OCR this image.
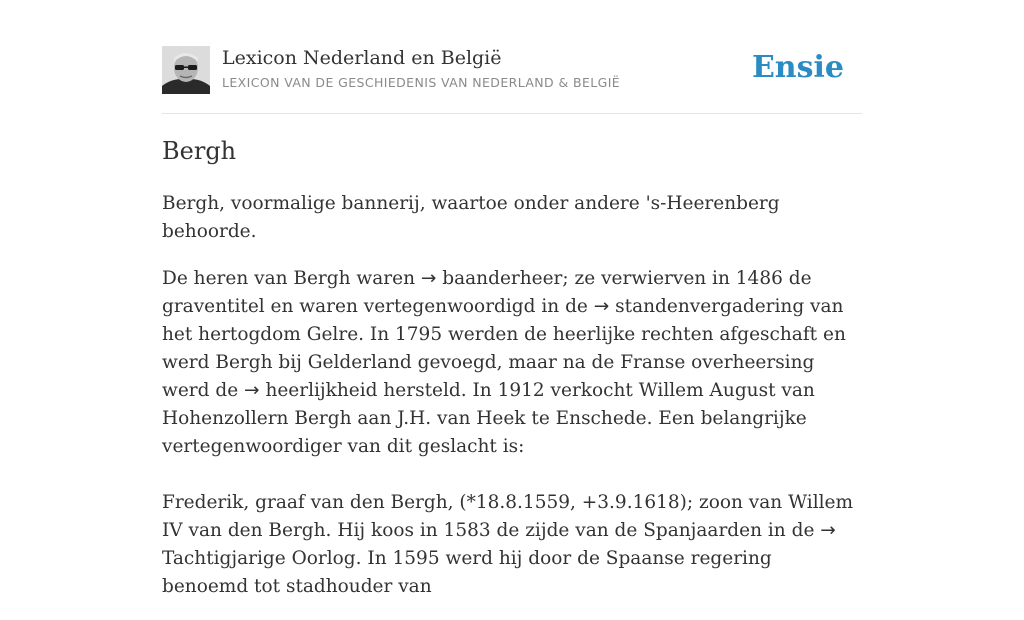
Lexicon Nederland en België
LEXICON VAN DE GESCHIEDENIS VAN NEDERLAND & BELGIË	Ensie
Bergh

Bergh, voormalige bannerij, waartoe onder andere 's-Heerenberg behoorde.

De heren van Bergh waren → baanderheer; ze verwierven in 1486 de graventitel en waren vertegenwoordigd in de → standenvergadering van het hertogdom Gelre. In 1795 werden de heerlijke rechten afgeschaft en werd Bergh bij Gelderland gevoegd, maar na de Franse overheersing werd de → heerlijkheid hersteld. In 1912 verkocht Willem August van Hohenzollern Bergh aan J.H. van Heek te Enschede. Een belangrijke vertegenwoordiger van dit geslacht is:

Frederik, graaf van den Bergh, (*18.8.1559, +3.9.1618); zoon van Willem IV van den Bergh. Hij koos in 1583 de zijde van de Spanjaarden in de → Tachtigjarige Oorlog. In 1595 werd hij door de Spaanse regering benoemd tot stadhouder van
